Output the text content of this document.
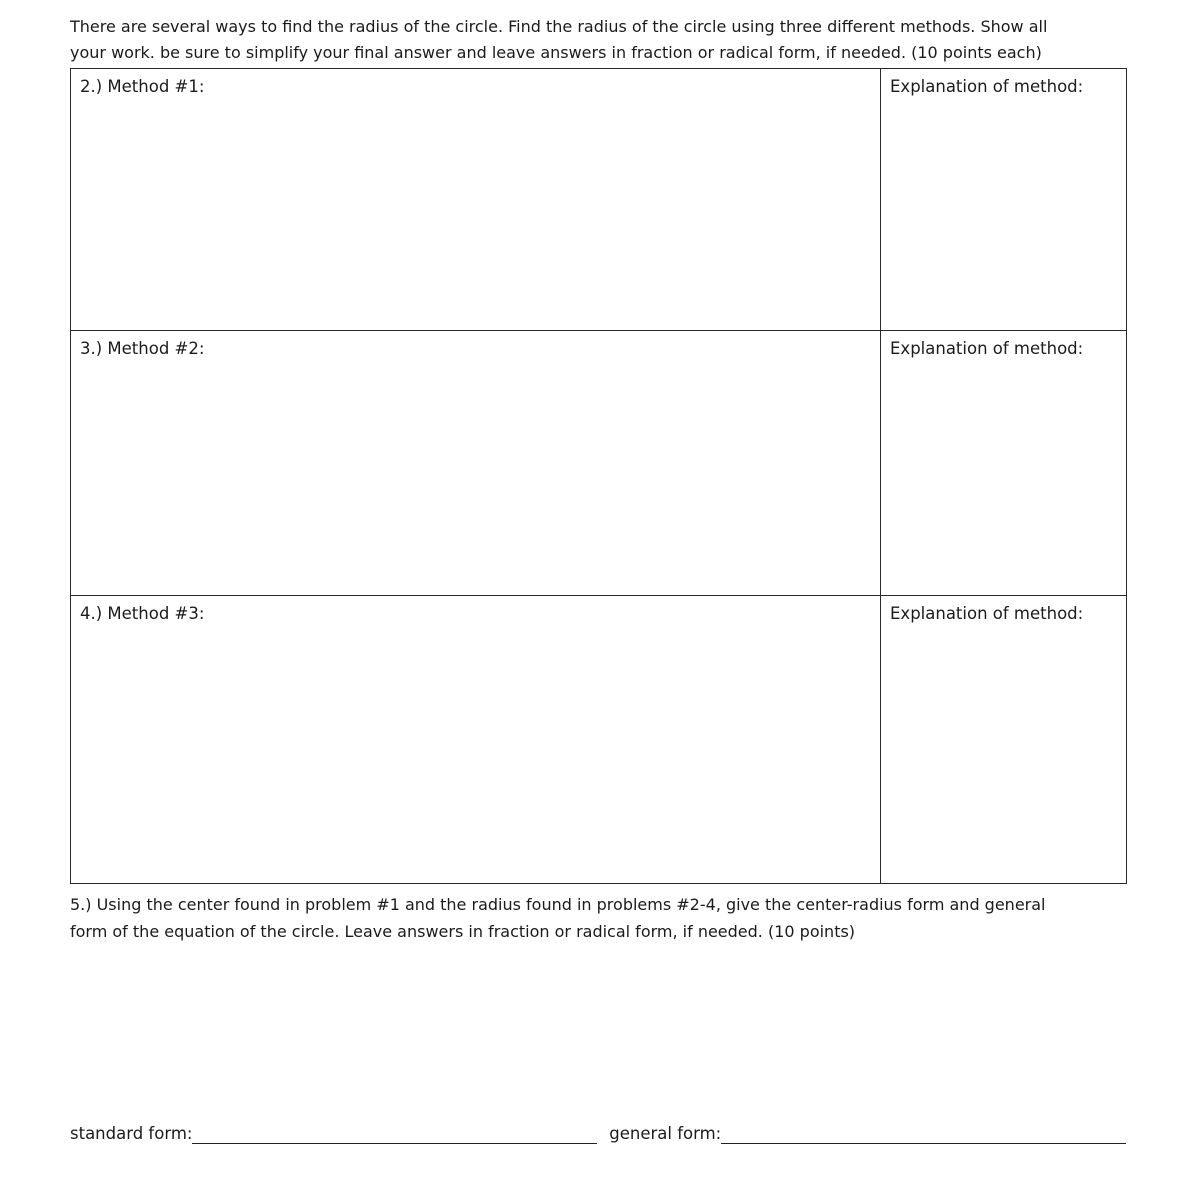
There are several ways to find the radius of the circle. Find the radius of the circle using three different methods. Show all
your work. be sure to simplify your final answer and leave answers in fraction or radical form, if needed. (10 points each)
2.) Method #1:	Explanation of method:
3.) Method #2:	Explanation of method:
4.) Method #3:	Explanation of method:
5.) Using the center found in problem #1 and the radius found in problems #2-4, give the center-radius form and general
form of the equation of the circle. Leave answers in fraction or radical form, if needed. (10 points)
standard form:	general form:
